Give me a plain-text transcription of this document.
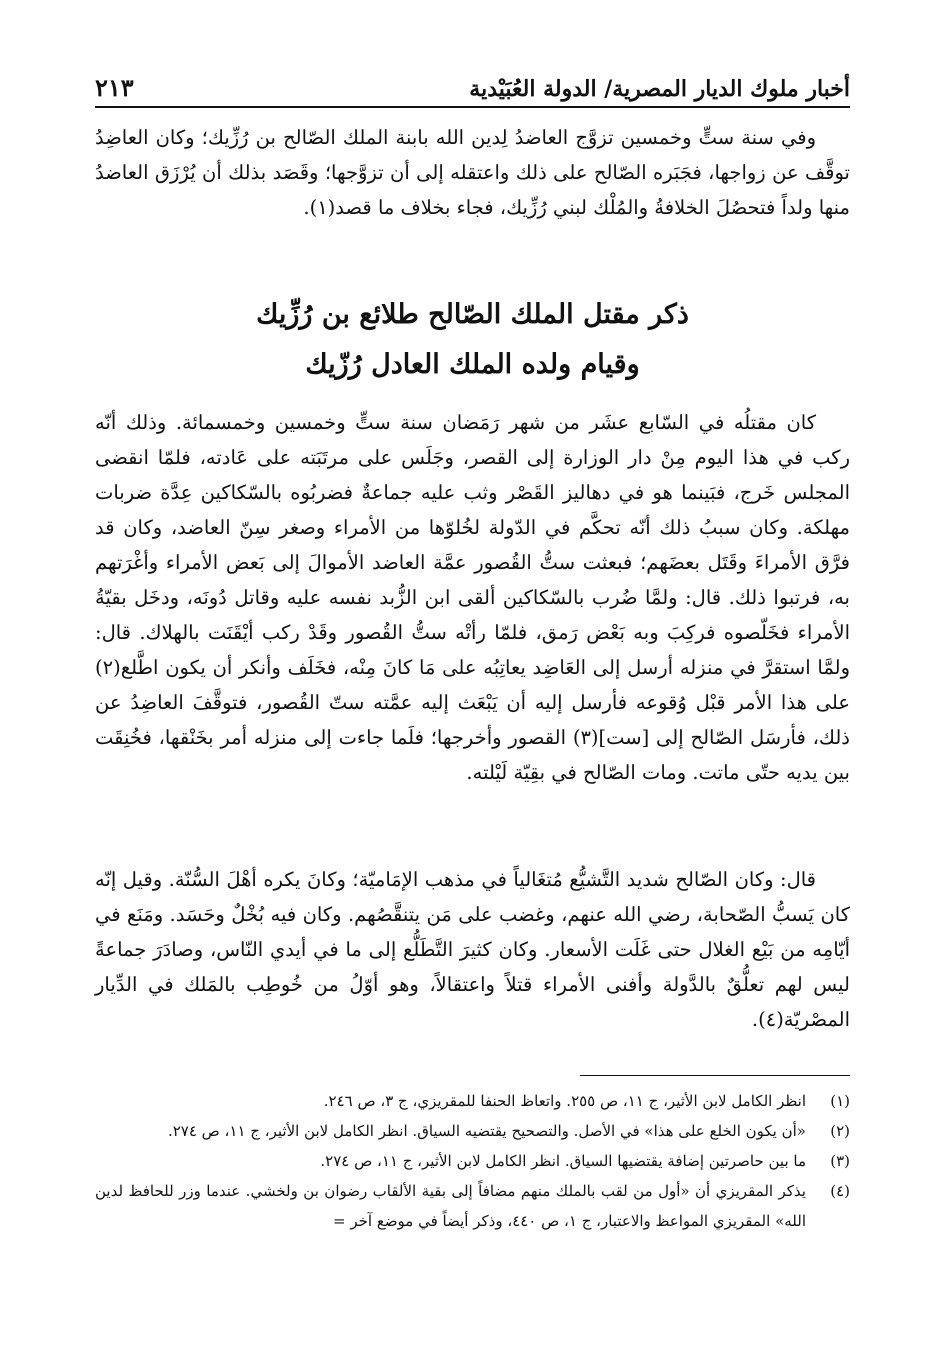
أخبار ملوك الديار المصرية/ الدولة العُبَيْدية
٢١٣

وفي سنة ستٍّ وخمسين تزوَّج العاضدُ لِدين الله بابنة الملك الصّالح بن رُزِّيك؛ وكان العاضِدُ توقَّف عن زواجها، فجَبَره الصّالح على ذلك واعتقله إلى أن تزوَّجها؛ وقَصَد بذلك أن يُرْزَق العاضدُ منها ولداً فتحصُلَ الخلافةُ والمُلْك لبني رُزِّيك، فجاء بخلاف ما قصد(١).

ذكر مقتل الملك الصّالح طلائع بن رُزِّيك
وقيام ولده الملك العادل رُزّيك

كان مقتلُه في السّابع عشَر من شهر رَمَضان سنة ستٍّ وخمسين وخمسمائة. وذلك أنّه ركب في هذا اليوم مِنْ دار الوزارة إلى القصر، وجَلَس على مرتَبَته على عَادته، فلمّا انقضى المجلس خَرج، فبَينما هو في دهاليز القَصْر وثب عليه جماعةٌ فضربُوه بالسّكاكين عِدَّة ضربات مهلكة. وكان سببُ ذلك أنّه تحكَّم في الدّولة لخُلوّها من الأمراء وصغر سِنّ العاضد، وكان قد فرَّق الأمراءَ وقَتَل بعضَهم؛ فبعثت ستُّ القُصور عمَّة العاضد الأموالَ إلى بَعض الأمراء وأغْرَتهم به، فرتبوا ذلك. قال: ولمَّا ضُرب بالسّكاكين ألقى ابن الزُّبد نفسه عليه وقاتل دُونَه، ودخَل بقيّةُ الأمراء فخَلّصوه فركِبَ وبه بَعْض رَمق، فلمّا رأتْه ستُّ القُصور وقَدْ ركب أيْقَنَت بالهلاك. قال: ولمَّا استقرَّ في منزله أرسل إلى العَاضِد يعاتِبُه على مَا كانَ مِنْه، فخَلَف وأنكر أن يكون اطَّلع(٢) على هذا الأمر قبْل وُقوعه فأرسل إليه أن يَبْعَث إليه عمَّته ستّ القُصور، فتوقَّفَ العاضِدُ عن ذلك، فأرسَل الصّالح إلى [ست](٣) القصور وأخرجها؛ فلَما جاءت إلى منزله أمر بخَنْقها، فخُنِقَت بين يديه حتّى ماتت. ومات الصّالح في بقِيّة لَيْلته.

قال: وكان الصّالح شديد التَّشيُّع مُتغَالياً في مذهب الإمَاميّة؛ وكانَ يكره أهْلَ السُّنّة. وقيل إنّه كان يَسبُّ الصّحابة، رضي الله عنهم، وغضب على مَن يتنقَّصُهم. وكان فيه بُخْلٌ وحَسَد. ومَنَع في أيّامِه من بَيْع الغلال حتى غَلَت الأسعار. وكان كثيرَ التَّطَلُّع إلى ما في أيدي النّاس، وصادَرَ جماعةً ليس لهم تعلُّقٌ بالدَّولة وأفنى الأمراء قتلاً واعتقالاً، وهو أوّلُ من خُوطِب بالمَلك في الدِّيار المصْريّة(٤).

(١)
انظر الكامل لابن الأثير، ج ١١، ص ٢٥٥. واتعاظ الحنفا للمقريزي، ج ٣، ص ٢٤٦.
(٢)
«أن يكون الخلع على هذا» في الأصل. والتصحيح يقتضيه السياق. انظر الكامل لابن الأثير، ج ١١، ص ٢٧٤.
(٣)
ما بين حاصرتين إضافة يقتضيها السياق. انظر الكامل لابن الأثير، ج ١١، ص ٢٧٤.
(٤)
يذكر المقريزي أن «أول من لقب بالملك منهم مضافاً إلى بقية الألقاب رضوان بن ولخشي. عندما وزر للحافظ لدين الله» المقريزي المواعظ والاعتبار، ج ١، ص ٤٤٠، وذكر أيضاً في موضع آخر =
